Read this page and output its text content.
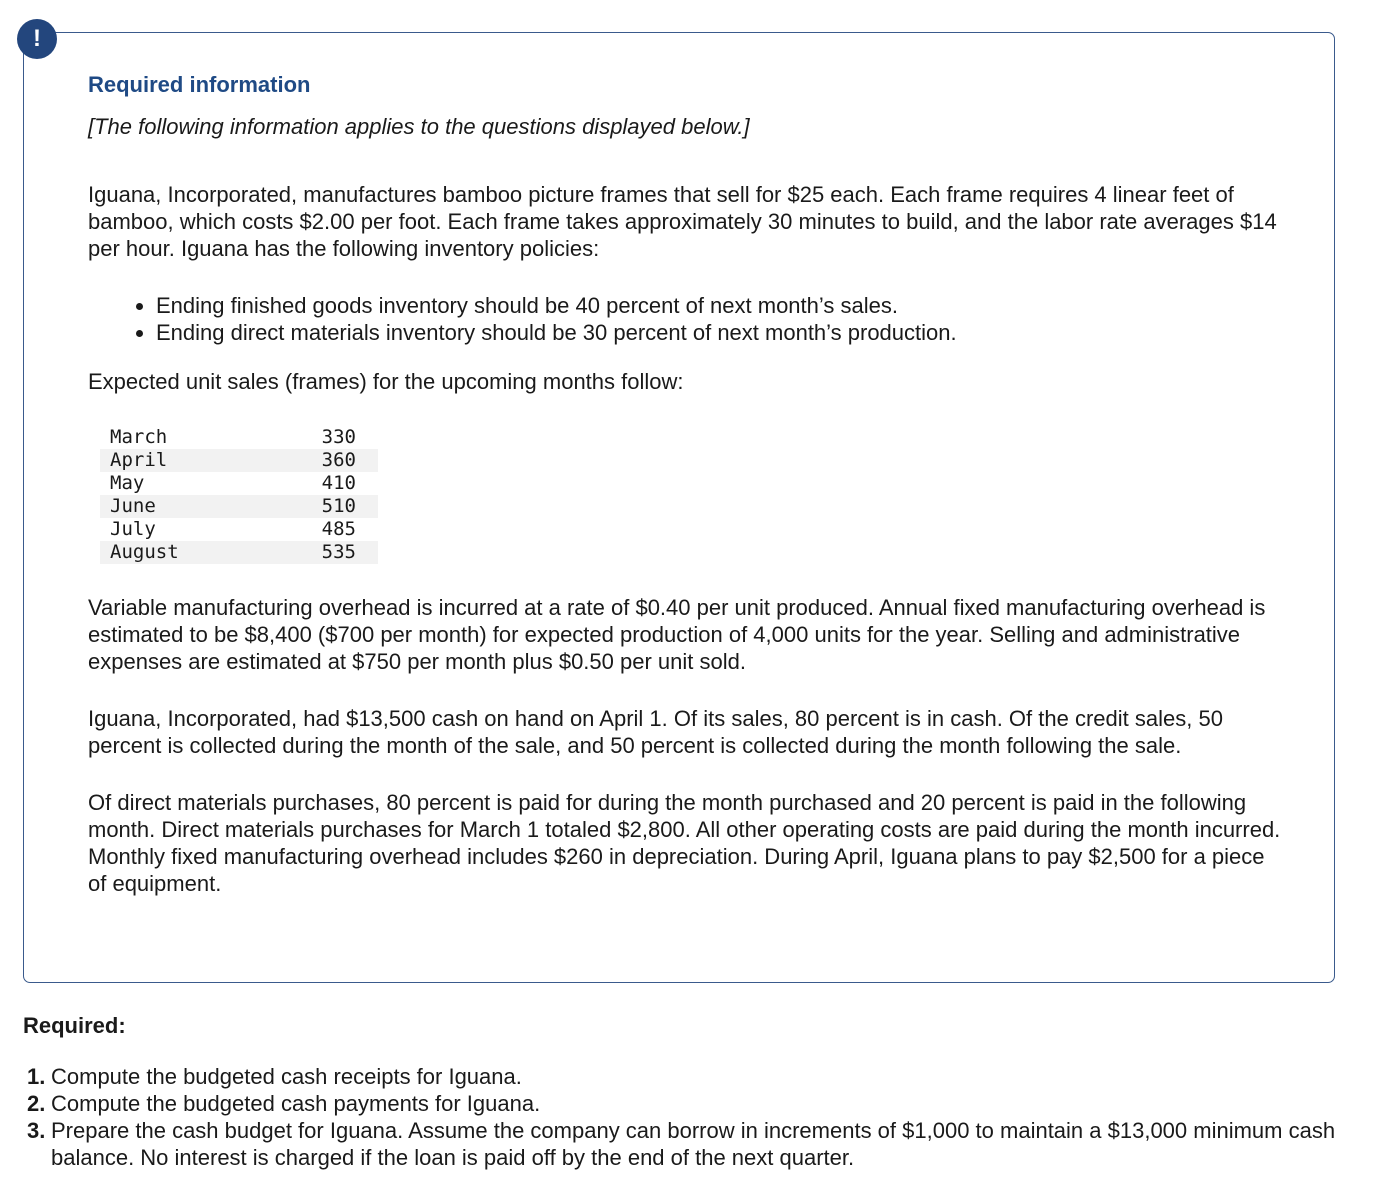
!
Required information

[The following information applies to the questions displayed below.]

Iguana, Incorporated, manufactures bamboo picture frames that sell for $25 each. Each frame requires 4 linear feet of bamboo, which costs $2.00 per foot. Each frame takes approximately 30 minutes to build, and the labor rate averages $14 per hour. Iguana has the following inventory policies:

• Ending finished goods inventory should be 40 percent of next month’s sales.
• Ending direct materials inventory should be 30 percent of next month’s production.

Expected unit sales (frames) for the upcoming months follow:

March	330
April	360
May	410
June	510
July	485
August	535

Variable manufacturing overhead is incurred at a rate of $0.40 per unit produced. Annual fixed manufacturing overhead is estimated to be $8,400 ($700 per month) for expected production of 4,000 units for the year. Selling and administrative expenses are estimated at $750 per month plus $0.50 per unit sold.

Iguana, Incorporated, had $13,500 cash on hand on April 1. Of its sales, 80 percent is in cash. Of the credit sales, 50 percent is collected during the month of the sale, and 50 percent is collected during the month following the sale.

Of direct materials purchases, 80 percent is paid for during the month purchased and 20 percent is paid in the following month. Direct materials purchases for March 1 totaled $2,800. All other operating costs are paid during the month incurred. Monthly fixed manufacturing overhead includes $260 in depreciation. During April, Iguana plans to pay $2,500 for a piece of equipment.

Required:
1. Compute the budgeted cash receipts for Iguana.
2. Compute the budgeted cash payments for Iguana.
3. Prepare the cash budget for Iguana. Assume the company can borrow in increments of $1,000 to maintain a $13,000 minimum cash balance. No interest is charged if the loan is paid off by the end of the next quarter.
